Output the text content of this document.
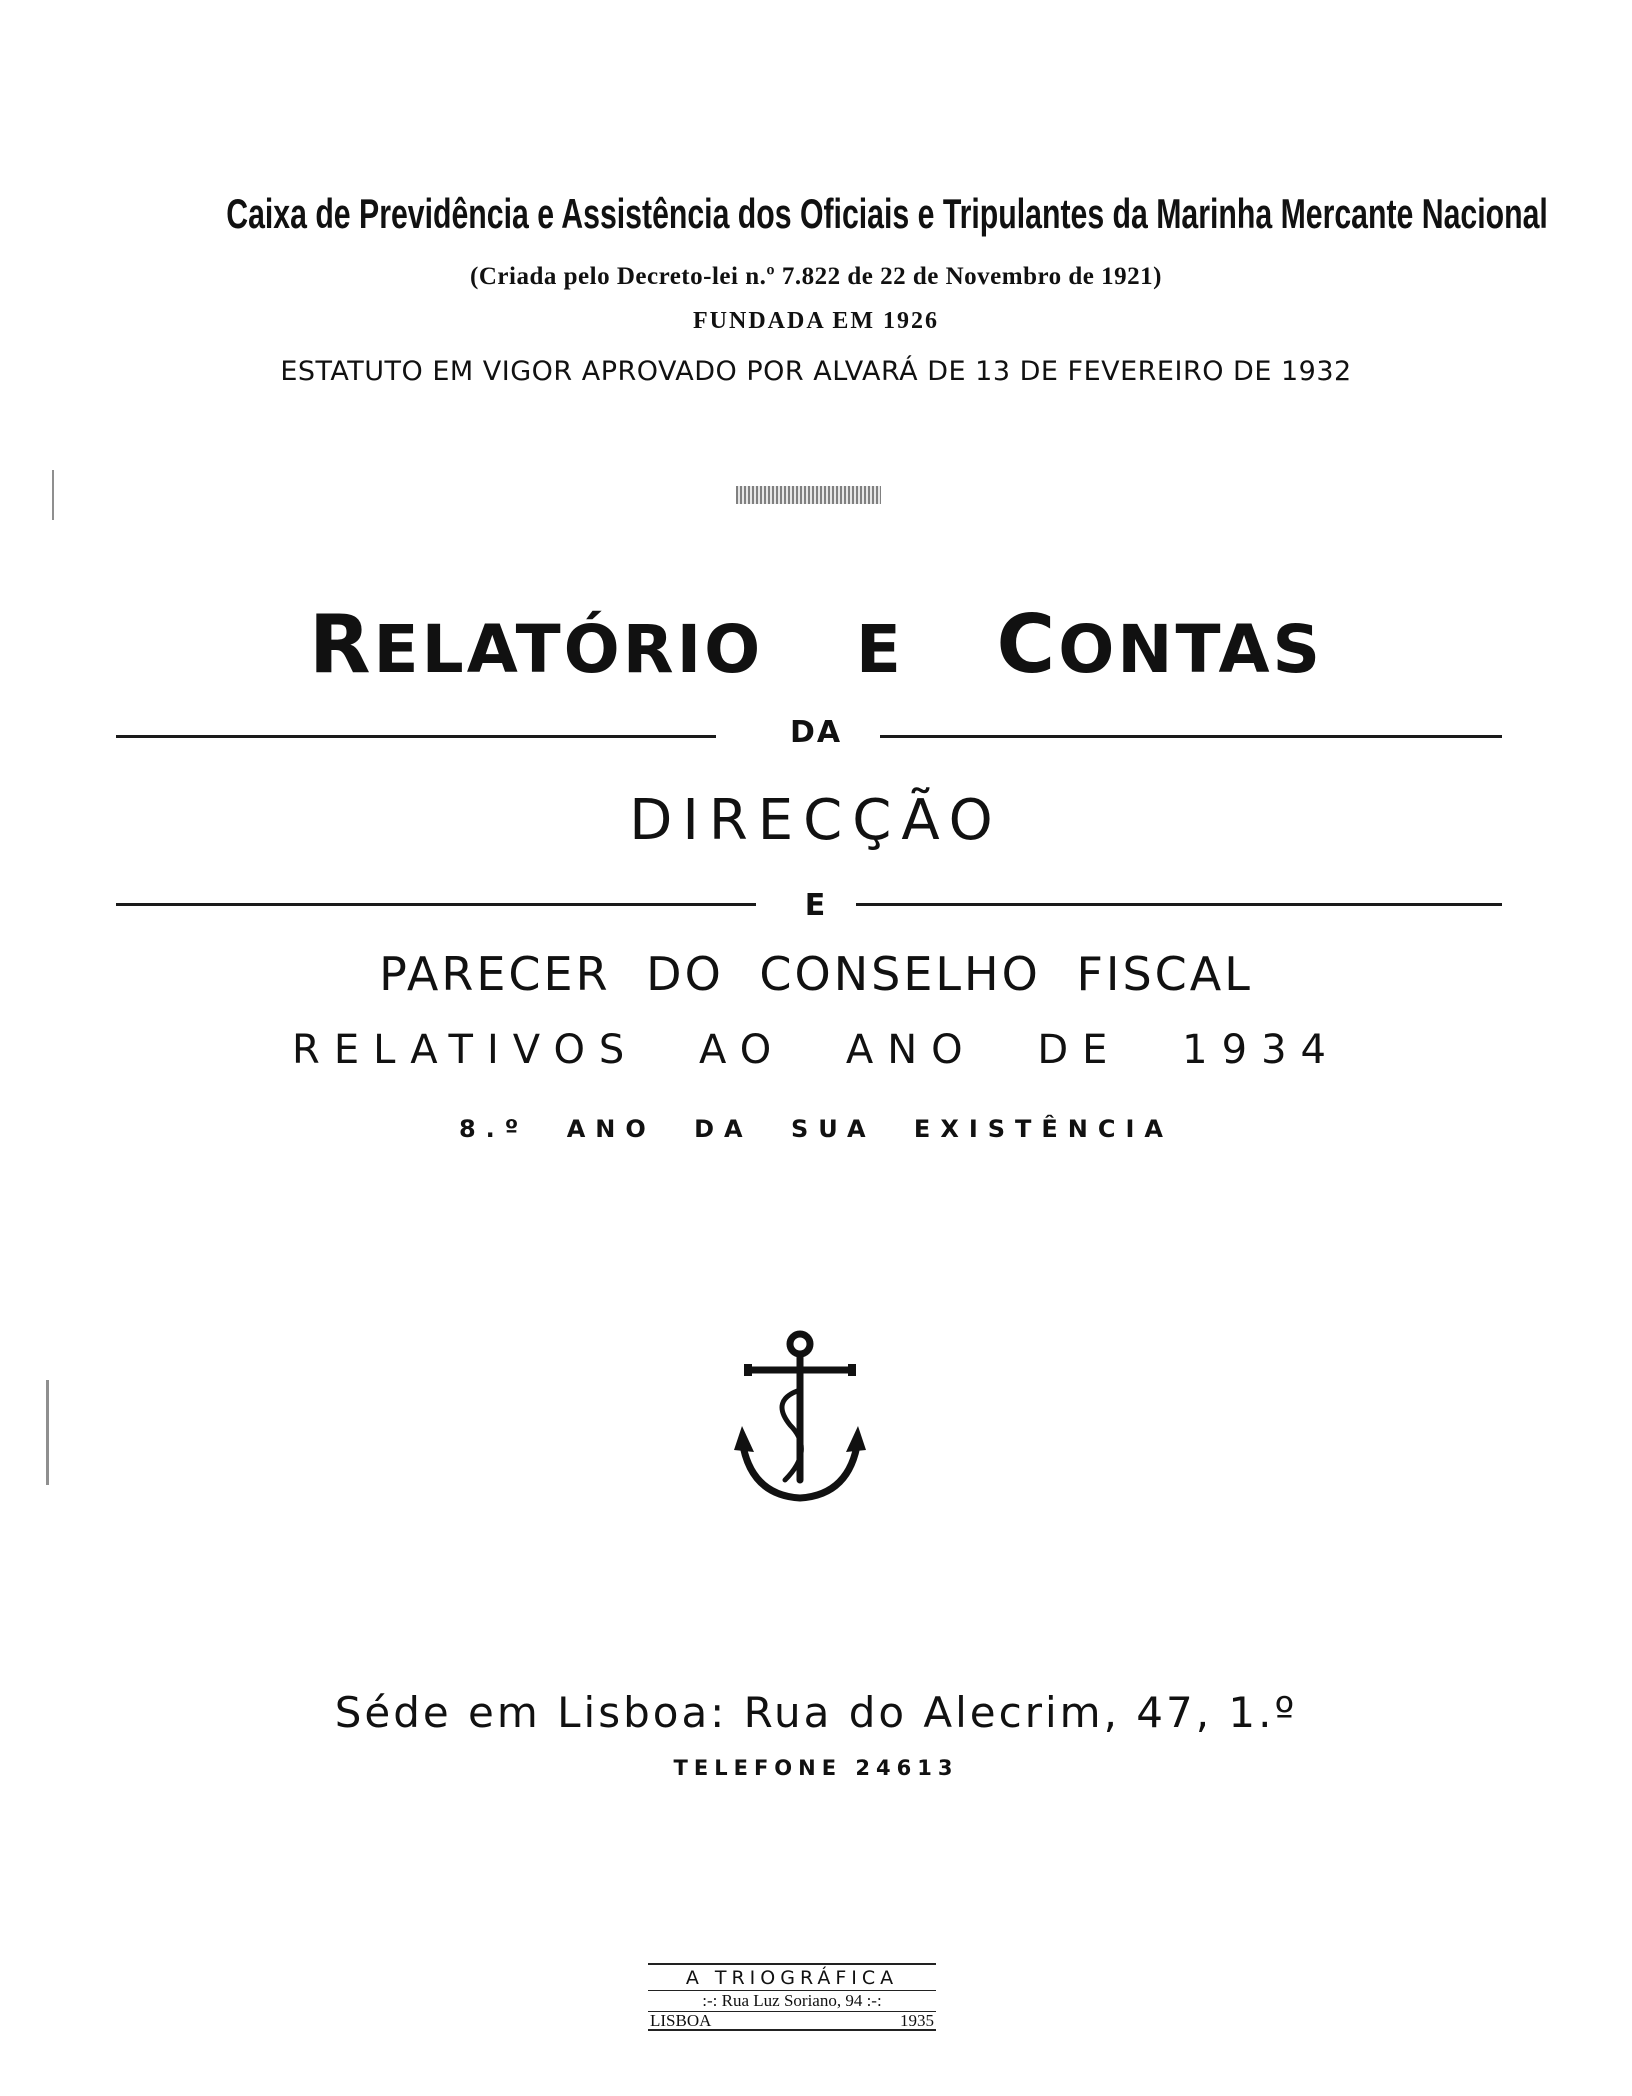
Caixa de Previdência e Assistência dos Oficiais e Tripulantes da Marinha Mercante Nacional
(Criada pelo Decreto-lei n.º 7.822 de 22 de Novembro de 1921)
FUNDADA EM 1926
ESTATUTO EM VIGOR APROVADO POR ALVARÁ DE 13 DE FEVEREIRO DE 1932
RELATÓRIO E CONTAS
DA
DIRECÇÃO
E
PARECER DO CONSELHO FISCAL
RELATIVOS AO ANO DE 1934
8.º ANO DA SUA EXISTÊNCIA
Séde em Lisboa: Rua do Alecrim, 47, 1.º
TELEFONE 24613
A TRIOGRÁFICA
:-: Rua Luz Soriano, 94 :-:
LISBOA	1935
